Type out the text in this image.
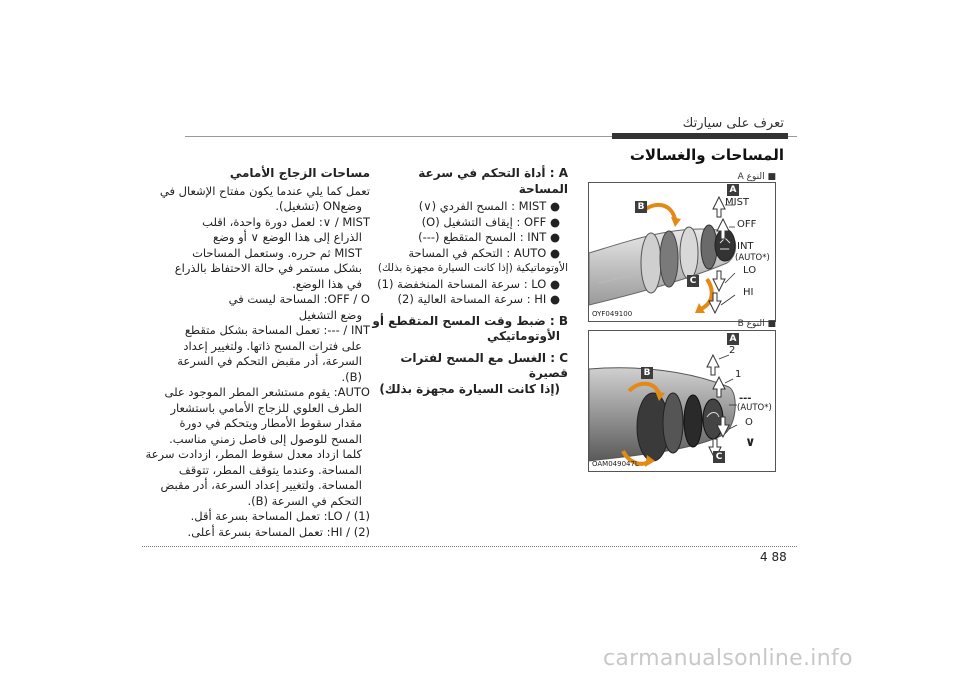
تعرف على سيارتك
المساحات والغسالات
A : أداة التحكم في سرعة المساحة
● MIST : المسح الفردي (∨)
● OFF : إيقاف التشغيل (O)
● INT : المسح المتقطع (---)
● AUTO : التحكم في المساحة
الأوتوماتيكية (إذا كانت السيارة مجهزة بذلك)
● LO : سرعة المساحة المنخفضة (1)
● HI : سرعة المساحة العالية (2)
B : ضبط وقت المسح المتقطع أو
الأوتوماتيكي
C : الغسل مع المسح لفترات قصيرة
(إذا كانت السيارة مجهزة بذلك)
مساحات الزجاج الأمامي
تعمل كما يلي عندما يكون مفتاح الإشعال في
وضعON (تشغيل).
MIST / ∨: لعمل دورة واحدة، اقلب
الذراع إلى هذا الوضع ∨ أو وضع
MIST ثم حرره. وستعمل المساحات
بشكل مستمر في حالة الاحتفاظ بالذراع
في هذا الوضع.
OFF / O: المساحة ليست في
وضع التشغيل
INT / ---: تعمل المساحة بشكل متقطع
على فترات المسح ذاتها. ولتغيير إعداد
السرعة، أدر مقبض التحكم في السرعة
(B).
AUTO: يقوم مستشعر المطر الموجود على
الطرف العلوي للزجاج الأمامي باستشعار
مقدار سقوط الأمطار ويتحكم في دورة
المسح للوصول إلى فاصل زمني مناسب.
كلما ازداد معدل سقوط المطر، ازدادت سرعة
المساحة. وعندما يتوقف المطر، تتوقف
المساحة. ولتغيير إعداد السرعة، أدر مقبض
التحكم في السرعة (B).
LO / (1): تعمل المساحة بسرعة أقل.
HI / (2): تعمل المساحة بسرعة أعلى.
■ النوع A
A
B
C
MIST
OFF
INT
(AUTO*)
LO
HI
OYF049100
■ النوع B
A
B
C
2
1
---
(AUTO*)
O
∨
OAM049047L
4 88
carmanualsonline.info
